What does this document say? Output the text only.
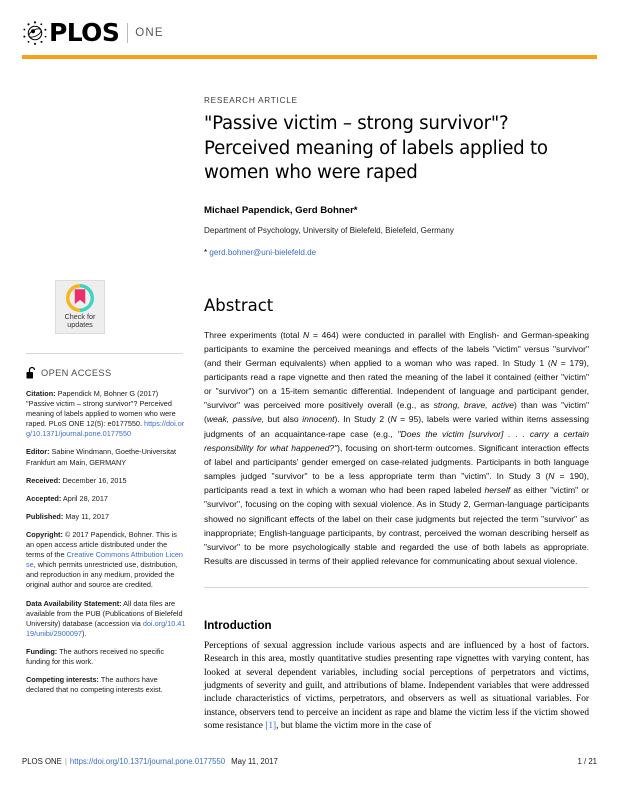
PLOS ONE
Check for updates
OPEN ACCESS
Citation: Papendick M, Bohner G (2017) "Passive victim – strong survivor"? Perceived meaning of labels applied to women who were raped. PLoS ONE 12(5): e0177550. https://doi.org/10.1371/journal.pone.0177550
Editor: Sabine Windmann, Goethe-Universitat Frankfurt am Main, GERMANY
Received: December 16, 2015
Accepted: April 28, 2017
Published: May 11, 2017
Copyright: © 2017 Papendick, Bohner. This is an open access article distributed under the terms of the Creative Commons Attribution License, which permits unrestricted use, distribution, and reproduction in any medium, provided the original author and source are credited.
Data Availability Statement: All data files are available from the PUB (Publications of Bielefeld University) database (accession via doi.org/10.4119/unibi/2900097).
Funding: The authors received no specific funding for this work.
Competing interests: The authors have declared that no competing interests exist.
RESEARCH ARTICLE
"Passive victim – strong survivor"? Perceived meaning of labels applied to women who were raped
Michael Papendick, Gerd Bohner*
Department of Psychology, University of Bielefeld, Bielefeld, Germany
* gerd.bohner@uni-bielefeld.de
Abstract
Three experiments (total N = 464) were conducted in parallel with English- and German-speaking participants to examine the perceived meanings and effects of the labels "victim" versus "survivor" (and their German equivalents) when applied to a woman who was raped. In Study 1 (N = 179), participants read a rape vignette and then rated the meaning of the label it contained (either "victim" or "survivor") on a 15-item semantic differential. Independent of language and participant gender, "survivor" was perceived more positively overall (e.g., as strong, brave, active) than was "victim" (weak, passive, but also innocent). In Study 2 (N = 95), labels were varied within items assessing judgments of an acquaintance-rape case (e.g., "Does the victim [survivor] . . . carry a certain responsibility for what happened?"), focusing on short-term outcomes. Significant interaction effects of label and participants' gender emerged on case-related judgments. Participants in both language samples judged "survivor" to be a less appropriate term than "victim". In Study 3 (N = 190), participants read a text in which a woman who had been raped labeled herself as either "victim" or "survivor", focusing on the coping with sexual violence. As in Study 2, German-language participants showed no significant effects of the label on their case judgments but rejected the term "survivor" as inappropriate; English-language participants, by contrast, perceived the woman describing herself as "survivor" to be more psychologically stable and regarded the use of both labels as appropriate. Results are discussed in terms of their applied relevance for communicating about sexual violence.
Introduction
Perceptions of sexual aggression include various aspects and are influenced by a host of factors. Research in this area, mostly quantitative studies presenting rape vignettes with varying content, has looked at several dependent variables, including social perceptions of perpetrators and victims, judgments of severity and guilt, and attributions of blame. Independent variables that were addressed include characteristics of victims, perpetrators, and observers as well as situational variables. For instance, observers tend to perceive an incident as rape and blame the victim less if the victim showed some resistance [1], but blame the victim more in the case of
PLOS ONE | https://doi.org/10.1371/journal.pone.0177550 May 11, 2017	1 / 21
